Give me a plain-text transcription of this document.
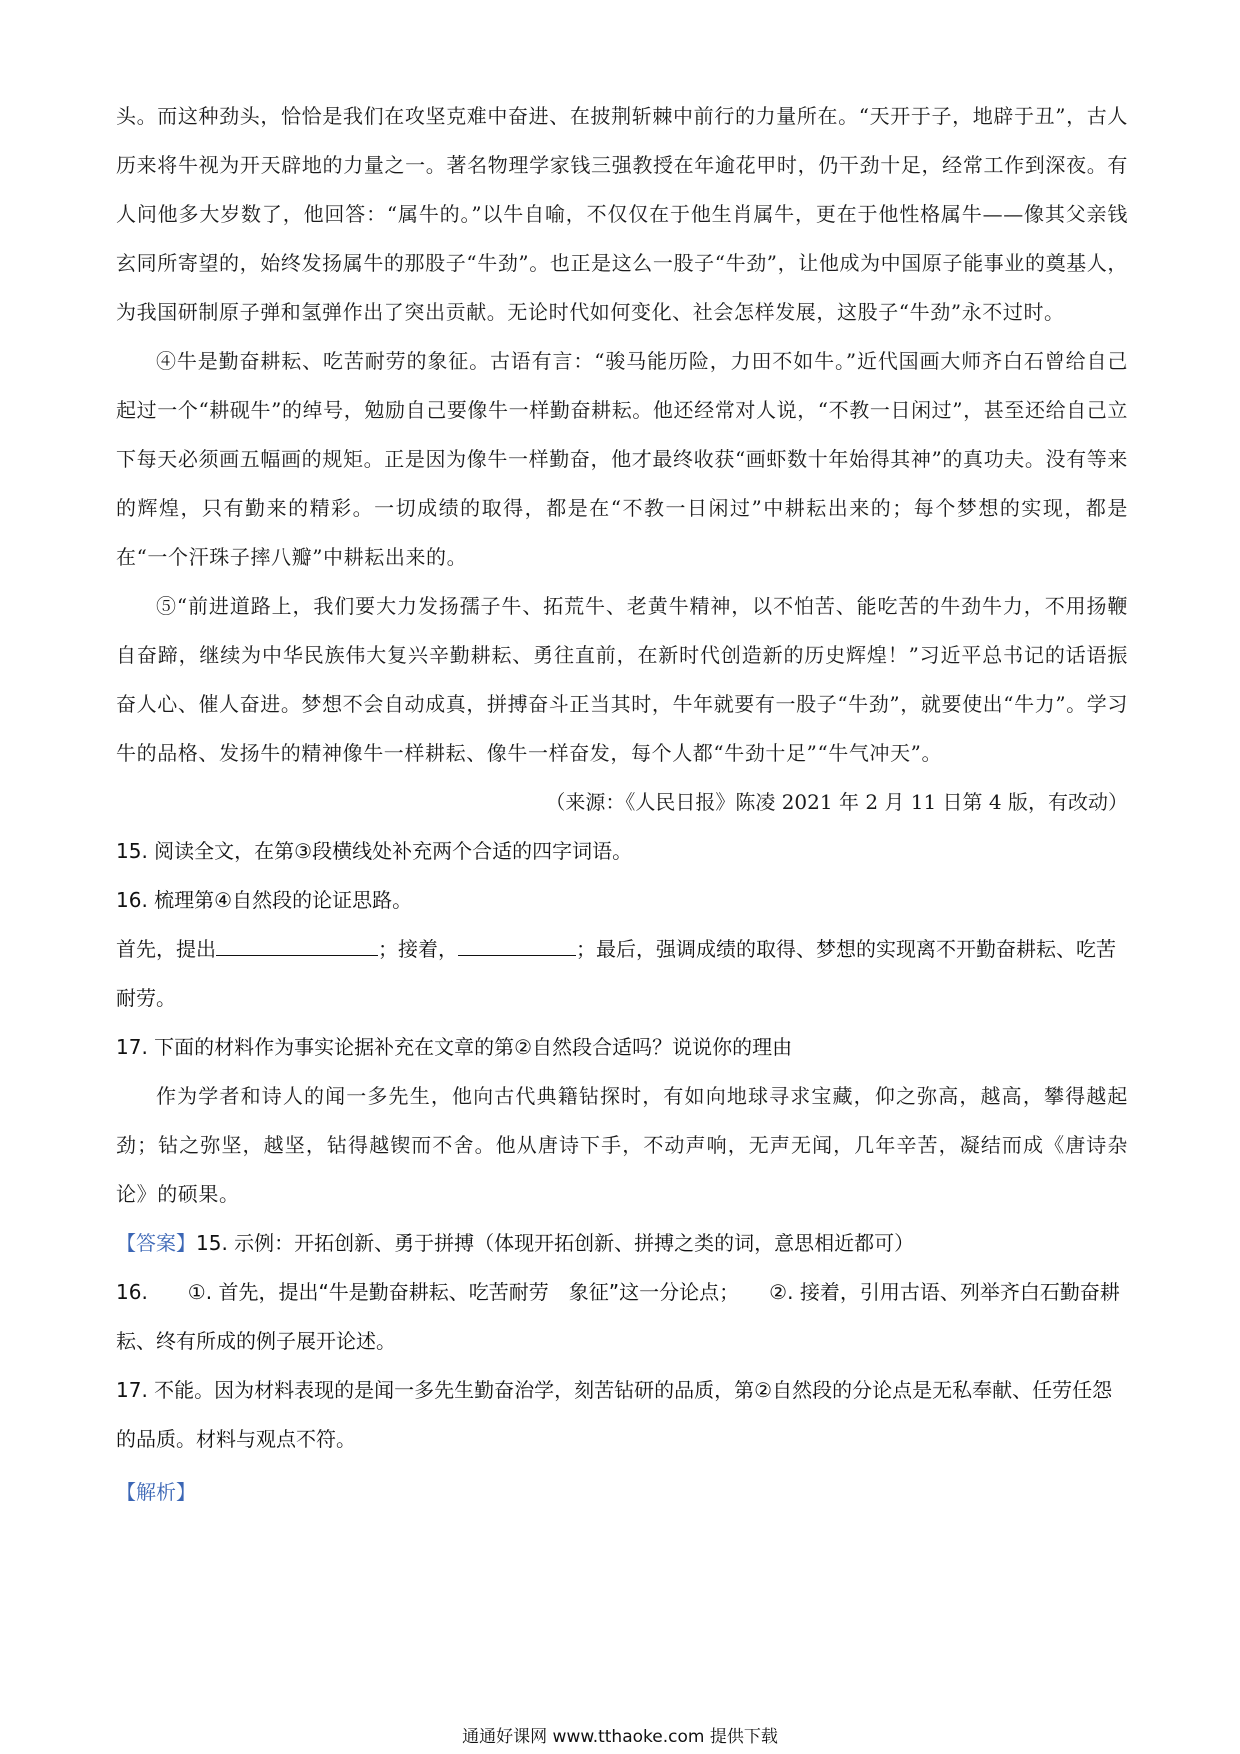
头。而这种劲头，恰恰是我们在攻坚克难中奋进、在披荆斩棘中前行的力量所在。“天开于子，地辟于丑”，古人历来将牛视为开天辟地的力量之一。著名物理学家钱三强教授在年逾花甲时，仍干劲十足，经常工作到深夜。有人问他多大岁数了，他回答：“属牛的。”以牛自喻，不仅仅在于他生肖属牛，更在于他性格属牛——像其父亲钱玄同所寄望的，始终发扬属牛的那股子“牛劲”。也正是这么一股子“牛劲”，让他成为中国原子能事业的奠基人，为我国研制原子弹和氢弹作出了突出贡献。无论时代如何变化、社会怎样发展，这股子“牛劲”永不过时。

④牛是勤奋耕耘、吃苦耐劳的象征。古语有言：“骏马能历险，力田不如牛。”近代国画大师齐白石曾给自己起过一个“耕砚牛”的绰号，勉励自己要像牛一样勤奋耕耘。他还经常对人说，“不教一日闲过”，甚至还给自己立下每天必须画五幅画的规矩。正是因为像牛一样勤奋，他才最终收获“画虾数十年始得其神”的真功夫。没有等来的辉煌，只有勤来的精彩。一切成绩的取得，都是在“不教一日闲过”中耕耘出来的；每个梦想的实现，都是在“一个汗珠子摔八瓣”中耕耘出来的。

⑤“前进道路上，我们要大力发扬孺子牛、拓荒牛、老黄牛精神，以不怕苦、能吃苦的牛劲牛力，不用扬鞭自奋蹄，继续为中华民族伟大复兴辛勤耕耘、勇往直前，在新时代创造新的历史辉煌！”习近平总书记的话语振奋人心、催人奋进。梦想不会自动成真，拼搏奋斗正当其时，牛年就要有一股子“牛劲”，就要使出“牛力”。学习牛的品格、发扬牛的精神像牛一样耕耘、像牛一样奋发，每个人都“牛劲十足”“牛气冲天”。

（来源：《人民日报》陈凌 2021 年 2 月 11 日第 4 版，有改动）

15. 阅读全文，在第③段横线处补充两个合适的四字词语。

16. 梳理第④自然段的论证思路。

首先，提出	；接着，	；最后，强调成绩的取得、梦想的实现离不开勤奋耕耘、吃苦耐劳。

17. 下面的材料作为事实论据补充在文章的第②自然段合适吗？说说你的理由

作为学者和诗人的闻一多先生，他向古代典籍钻探时，有如向地球寻求宝藏，仰之弥高，越高，攀得越起劲；钻之弥坚，越坚，钻得越锲而不舍。他从唐诗下手，不动声响，无声无闻，几年辛苦，凝结而成《唐诗杂论》的硕果。

【答案】15. 示例：开拓创新、勇于拼搏（体现开拓创新、拼搏之类的词，意思相近都可）

16.　　①. 首先，提出“牛是勤奋耕耘、吃苦耐劳　象征”这一分论点；　　②. 接着，引用古语、列举齐白石勤奋耕耘、终有所成的例子展开论述。

17. 不能。因为材料表现的是闻一多先生勤奋治学，刻苦钻研的品质，第②自然段的分论点是无私奉献、任劳任怨的品质。材料与观点不符。

【解析】

通通好课网 www.tthaoke.com 提供下载
